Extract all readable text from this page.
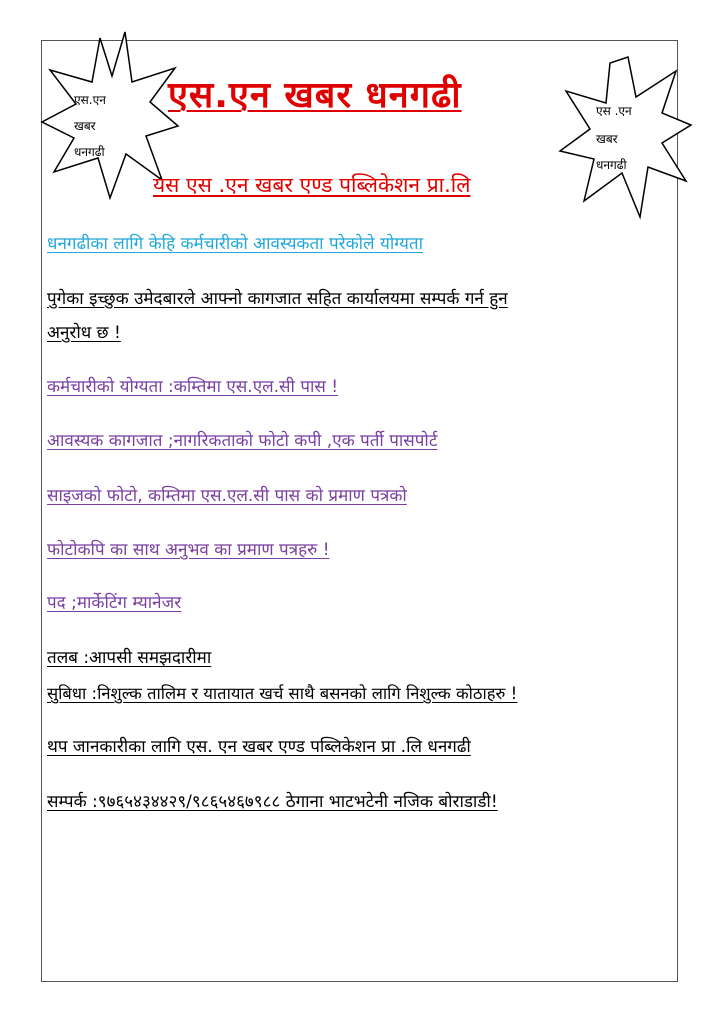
एस.एन
खबर
धनगढी
एस .एन
खबर
धनगढी
एस.एन खबर धनगढी
यस एस .एन खबर एण्ड पब्लिकेशन प्रा.लि
धनगढीका लागि केहि कर्मचारीको आवस्यकता परेकोले योग्यता
पुगेका इच्छुक उमेदबारले आफ्नो कागजात सहित कार्यालयमा सम्पर्क गर्न हुन
अनुरोध छ !
कर्मचारीको योग्यता :कम्तिमा एस.एल.सी पास !
आवस्यक कागजात ;नागरिकताको फोटो कपी ,एक पर्ती पासपोर्ट
साइजको फोटो, कम्तिमा एस.एल.सी पास को प्रमाण पत्रको
फोटोकपि का साथ अनुभव का प्रमाण पत्रहरु !
पद ;मार्केटिंग म्यानेजर
तलब :आपसी समझदारीमा
सुबिधा :निशुल्क तालिम र यातायात खर्च साथै बसनको लागि निशुल्क कोठाहरु !
थप जानकारीका लागि एस. एन खबर एण्ड पब्लिकेशन प्रा .लि धनगढी
सम्पर्क :९७६५४३४४२९/९८६५४६७९८८ ठेगाना भाटभटेनी नजिक बोराडाडी!
